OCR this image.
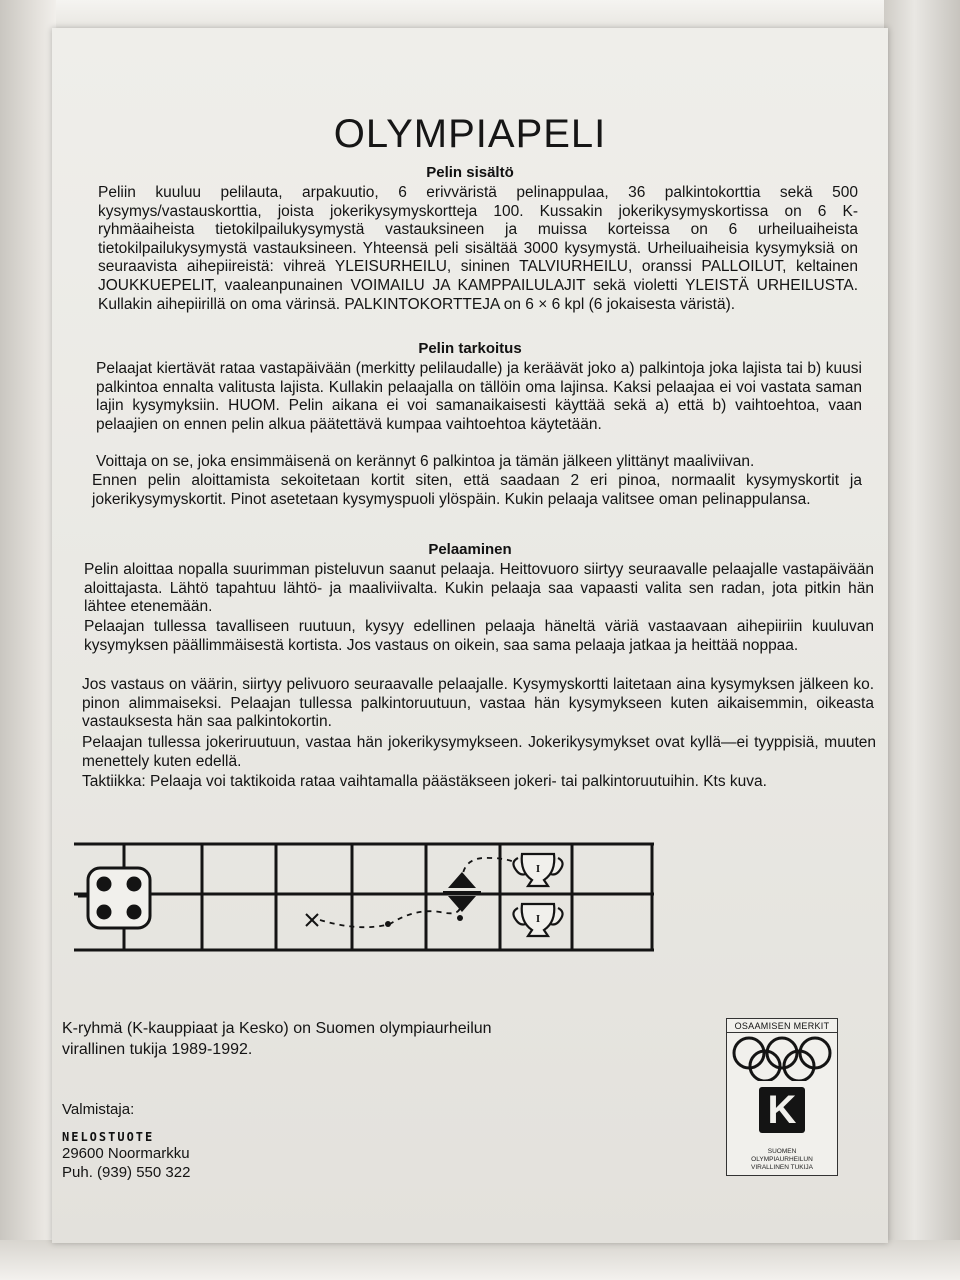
OLYMPIAPELI
Pelin sisältö

Peliin kuuluu pelilauta, arpakuutio, 6 erivväristä pelinappulaa, 36 palkintokorttia sekä 500 kysymys/vastauskorttia, joista jokerikysymyskortteja 100. Kussakin jokerikysymyskortissa on 6 K-ryhmäaiheista tietokilpailukysymystä vastauksineen ja muissa korteissa on 6 urheiluaiheista tietokilpailukysymystä vastauksineen. Yhteensä peli sisältää 3000 kysymystä. Urheiluaiheisia kysymyksiä on seuraavista aihepiireistä: vihreä YLEISURHEILU, sininen TALVIURHEILU, oranssi PALLOILUT, keltainen JOUKKUEPELIT, vaaleanpunainen VOIMAILU JA KAMPPAILULAJIT sekä violetti YLEISTÄ URHEILUSTA. Kullakin aihepiirillä on oma värinsä. PALKINTOKORTTEJA on 6 × 6 kpl (6 jokaisesta väristä).

Pelin tarkoitus

Pelaajat kiertävät rataa vastapäivään (merkitty pelilaudalle) ja keräävät joko a) palkintoja joka lajista tai b) kuusi palkintoa ennalta valitusta lajista. Kullakin pelaajalla on tällöin oma lajinsa. Kaksi pelaajaa ei voi vastata saman lajin kysymyksiin. HUOM. Pelin aikana ei voi samanaikaisesti käyttää sekä a) että b) vaihtoehtoa, vaan pelaajien on ennen pelin alkua päätettävä kumpaa vaihtoehtoa käytetään.

Voittaja on se, joka ensimmäisenä on kerännyt 6 palkintoa ja tämän jälkeen ylittänyt maaliviivan.

Ennen pelin aloittamista sekoitetaan kortit siten, että saadaan 2 eri pinoa, normaalit kysymyskortit ja jokerikysymyskortit. Pinot asetetaan kysymyspuoli ylöspäin. Kukin pelaaja valitsee oman pelinappulansa.

Pelaaminen

Pelin aloittaa nopalla suurimman pisteluvun saanut pelaaja. Heittovuoro siirtyy seuraavalle pelaajalle vastapäivään aloittajasta. Lähtö tapahtuu lähtö- ja maaliviivalta. Kukin pelaaja saa vapaasti valita sen radan, jota pitkin hän lähtee etenemään.

Pelaajan tullessa tavalliseen ruutuun, kysyy edellinen pelaaja häneltä väriä vastaavaan aihepiiriin kuuluvan kysymyksen päällimmäisestä kortista. Jos vastaus on oikein, saa sama pelaaja jatkaa ja heittää noppaa.

Jos vastaus on väärin, siirtyy pelivuoro seuraavalle pelaajalle. Kysymyskortti laitetaan aina kysymyksen jälkeen ko. pinon alimmaiseksi. Pelaajan tullessa palkintoruutuun, vastaa hän kysymykseen kuten aikaisemmin, oikeasta vastauksesta hän saa palkintokortin.

Pelaajan tullessa jokeriruutuun, vastaa hän jokerikysymykseen. Jokerikysymykset ovat kyllä—ei tyyppisiä, muuten menettely kuten edellä.

Taktiikka: Pelaaja voi taktikoida rataa vaihtamalla päästäkseen jokeri- tai palkintoruutuihin. Kts kuva.

I
I

K-ryhmä (K-kauppiaat ja Kesko) on Suomen olympiaurheilun
virallinen tukija 1989-1992.

Valmistaja:
NELOSTUOTE
29600 Noormarkku
Puh. (939) 550 322
OSAAMISEN MERKIT
K
SUOMEN
OLYMPIAURHEILUN
VIRALLINEN TUKIJA
